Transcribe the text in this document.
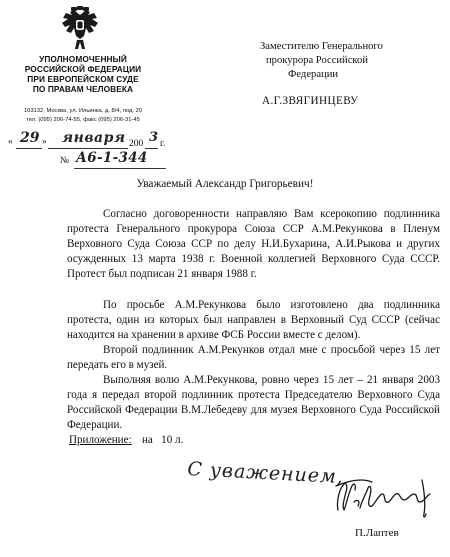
УПОЛНОМОЧЕННЫЙ
РОССИЙСКОЙ ФЕДЕРАЦИИ
ПРИ ЕВРОПЕЙСКОМ СУДЕ
ПО ПРАВАМ ЧЕЛОВЕКА
103132, Москва, ул. Ильинка, д. 8/4, под. 20
тел. (095) 206-74-55, факс (095) 206-31-45
Заместителю Генерального
прокурора Российской
Федерации
А.Г.ЗВЯГИНЦЕВУ
« 29 » января 200 3 г.
№ А6-1-344
Уважаемый Александр Григорьевич!
Согласно договоренности направляю Вам ксерокопию подлинника протеста Генерального прокурора Союза ССР А.М.Рекункова в Пленум Верховного Суда Союза ССР по делу Н.И.Бухарина, А.И.Рыкова и других осужденных 13 марта 1938 г. Военной коллегией Верховного Суда СССР. Протест был подписан 21 января 1988 г.
По просьбе А.М.Рекункова было изготовлено два подлинника протеста, один из которых был направлен в Верховный Суд СССР (сейчас находится на хранении в архиве ФСБ России вместе с делом).
Второй подлинник А.М.Рекунков отдал мне с просьбой через 15 лет передать его в музей.
Выполняя волю А.М.Рекункова, ровно через 15 лет – 21 января 2003 года я передал второй подлинник протеста Председателю Верховного Суда Российской Федерации В.М.Лебедеву для музея Верховного Суда Российской Федерации.
Приложение: на   10 л.
С уважением,
П.Лаптев
